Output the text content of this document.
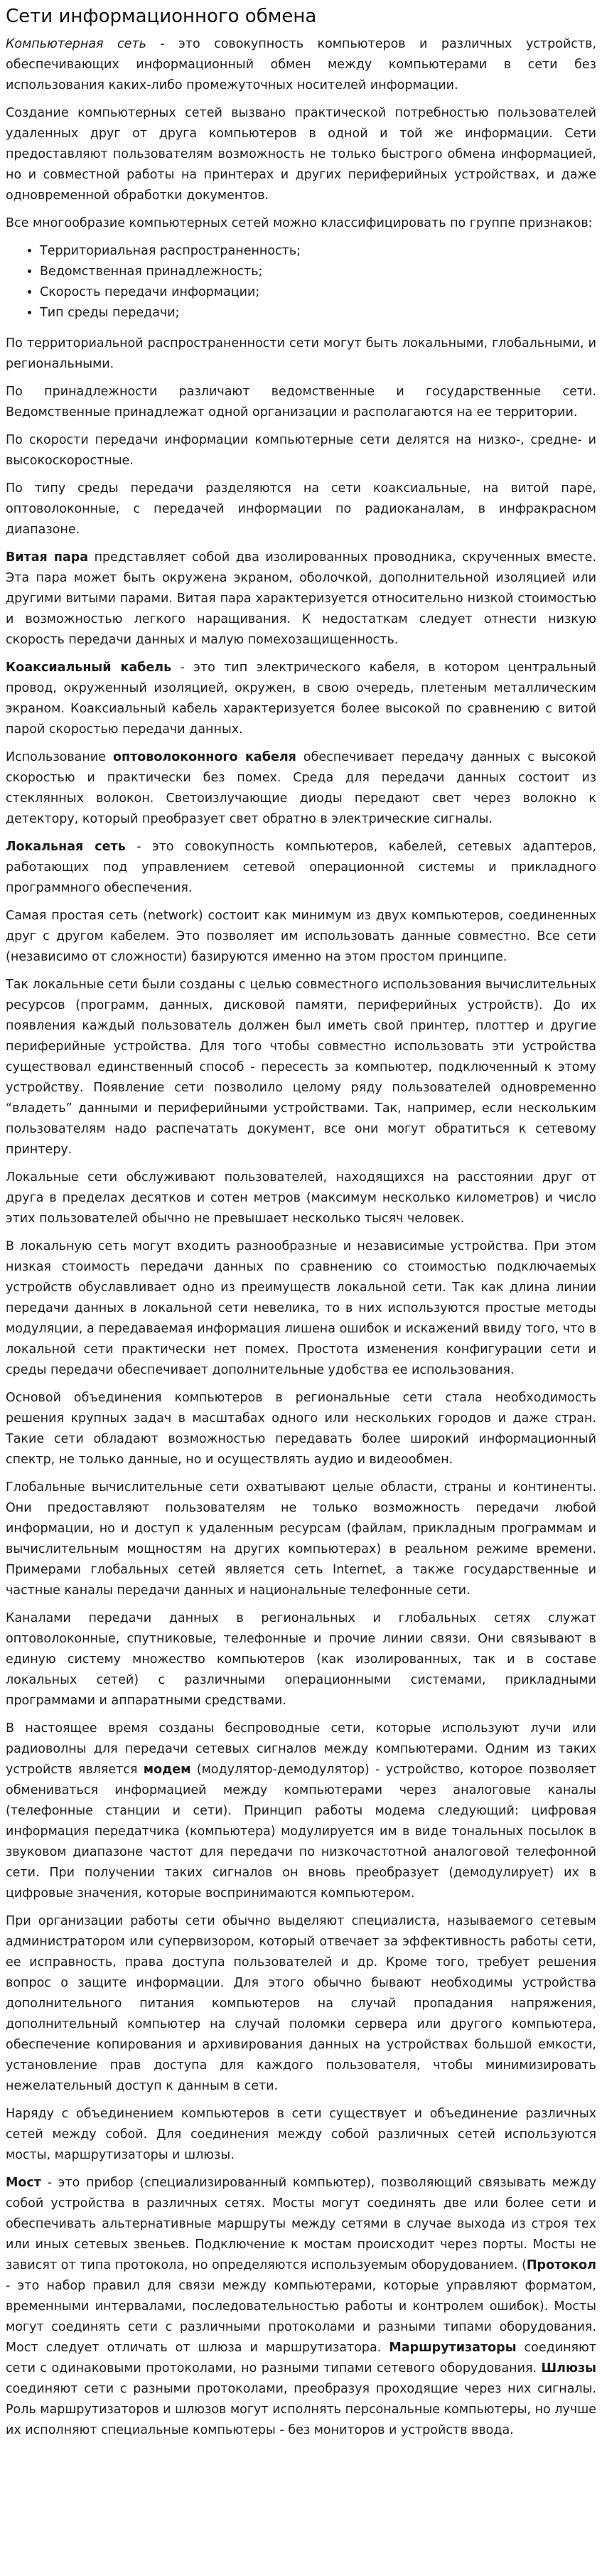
Сети информационного обмена

Компьютерная сеть - это совокупность компьютеров и различных устройств, обеспечивающих информационный обмен между компьютерами в сети без использования каких-либо промежуточных носителей информации.

Создание компьютерных сетей вызвано практической потребностью пользователей удаленных друг от друга компьютеров в одной и той же информации. Сети предоставляют пользователям возможность не только быстрого обмена информацией, но и совместной работы на принтерах и других периферийных устройствах, и даже одновременной обработки документов.

Все многообразие компьютерных сетей можно классифицировать по группе признаков:

• Территориальная распространенность;
• Ведомственная принадлежность;
• Скорость передачи информации;
• Тип среды передачи;

По территориальной распространенности сети могут быть локальными, глобальными, и региональными.

По принадлежности различают ведомственные и государственные сети. Ведомственные принадлежат одной организации и располагаются на ее территории.

По скорости передачи информации компьютерные сети делятся на низко-, средне- и высокоскоростные.

По типу среды передачи разделяются на сети коаксиальные, на витой паре, оптоволоконные, с передачей информации по радиоканалам, в инфракрасном диапазоне.

Витая пара представляет собой два изолированных проводника, скрученных вместе. Эта пара может быть окружена экраном, оболочкой, дополнительной изоляцией или другими витыми парами. Витая пара характеризуется относительно низкой стоимостью и возможностью легкого наращивания. К недостаткам следует отнести низкую скорость передачи данных и малую помехозащищенность.

Коаксиальный кабель - это тип электрического кабеля, в котором центральный провод, окруженный изоляцией, окружен, в свою очередь, плетеным металлическим экраном. Коаксиальный кабель характеризуется более высокой по сравнению с витой парой скоростью передачи данных.

Использование оптоволоконного кабеля обеспечивает передачу данных с высокой скоростью и практически без помех. Среда для передачи данных состоит из стеклянных волокон. Светоизлучающие диоды передают свет через волокно к детектору, который преобразует свет обратно в электрические сигналы.

Локальная сеть - это совокупность компьютеров, кабелей, сетевых адаптеров, работающих под управлением сетевой операционной системы и прикладного программного обеспечения.

Самая простая сеть (network) состоит как минимум из двух компьютеров, соединенных друг с другом кабелем. Это позволяет им использовать данные совместно. Все сети (независимо от сложности) базируются именно на этом простом принципе.

Так локальные сети были созданы с целью совместного использования вычислительных ресурсов (программ, данных, дисковой памяти, периферийных устройств). До их появления каждый пользователь должен был иметь свой принтер, плоттер и другие периферийные устройства. Для того чтобы совместно использовать эти устройства существовал единственный способ - пересесть за компьютер, подключенный к этому устройству. Появление сети позволило целому ряду пользователей одновременно “владеть” данными и периферийными устройствами. Так, например, если нескольким пользователям надо распечатать документ, все они могут обратиться к сетевому принтеру.

Локальные сети обслуживают пользователей, находящихся на расстоянии друг от друга в пределах десятков и сотен метров (максимум несколько километров) и число этих пользователей обычно не превышает несколько тысяч человек.

В локальную сеть могут входить разнообразные и независимые устройства. При этом низкая стоимость передачи данных по сравнению со стоимостью подключаемых устройств обуславливает одно из преимуществ локальной сети. Так как длина линии передачи данных в локальной сети невелика, то в них используются простые методы модуляции, а передаваемая информация лишена ошибок и искажений ввиду того, что в локальной сети практически нет помех. Простота изменения конфигурации сети и среды передачи обеспечивает дополнительные удобства ее использования.

Основой объединения компьютеров в региональные сети стала необходимость решения крупных задач в масштабах одного или нескольких городов и даже стран. Такие сети обладают возможностью передавать более широкий информационный спектр, не только данные, но и осуществлять аудио и видеообмен.

Глобальные вычислительные сети охватывают целые области, страны и континенты. Они предоставляют пользователям не только возможность передачи любой информации, но и доступ к удаленным ресурсам (файлам, прикладным программам и вычислительным мощностям на других компьютерах) в реальном режиме времени. Примерами глобальных сетей является сеть Internet, а также государственные и частные каналы передачи данных и национальные телефонные сети.

Каналами передачи данных в региональных и глобальных сетях служат оптоволоконные, спутниковые, телефонные и прочие линии связи. Они связывают в единую систему множество компьютеров (как изолированных, так и в составе локальных сетей) с различными операционными системами, прикладными программами и аппаратными средствами.

В настоящее время созданы беспроводные сети, которые используют лучи или радиоволны для передачи сетевых сигналов между компьютерами. Одним из таких устройств является модем (модулятор-демодулятор) - устройство, которое позволяет обмениваться информацией между компьютерами через аналоговые каналы (телефонные станции и сети). Принцип работы модема следующий: цифровая информация передатчика (компьютера) модулируется им в виде тональных посылок в звуковом диапазоне частот для передачи по низкочастотной аналоговой телефонной сети. При получении таких сигналов он вновь преобразует (демодулирует) их в цифровые значения, которые воспринимаются компьютером.

При организации работы сети обычно выделяют специалиста, называемого сетевым администратором или супервизором, который отвечает за эффективность работы сети, ее исправность, права доступа пользователей и др. Кроме того, требует решения вопрос о защите информации. Для этого обычно бывают необходимы устройства дополнительного питания компьютеров на случай пропадания напряжения, дополнительный компьютер на случай поломки сервера или другого компьютера, обеспечение копирования и архивирования данных на устройствах большой емкости, установление прав доступа для каждого пользователя, чтобы минимизировать нежелательный доступ к данным в сети.

Наряду с объединением компьютеров в сети существует и объединение различных сетей между собой. Для соединения между собой различных сетей используются мосты, маршрутизаторы и шлюзы.

Мост - это прибор (специализированный компьютер), позволяющий связывать между собой устройства в различных сетях. Мосты могут соединять две или более сети и обеспечивать альтернативные маршруты между сетями в случае выхода из строя тех или иных сетевых звеньев. Подключение к мостам происходит через порты. Мосты не зависят от типа протокола, но определяются используемым оборудованием. (Протокол - это набор правил для связи между компьютерами, которые управляют форматом, временными интервалами, последовательностью работы и контролем ошибок). Мосты могут соединять сети с различными протоколами и разными типами оборудования. Мост следует отличать от шлюза и маршрутизатора. Маршрутизаторы соединяют сети с одинаковыми протоколами, но разными типами сетевого оборудования. Шлюзы соединяют сети с разными протоколами, преобразуя проходящие через них сигналы. Роль маршрутизаторов и шлюзов могут исполнять персональные компьютеры, но лучше их исполняют специальные компьютеры - без мониторов и устройств ввода.
